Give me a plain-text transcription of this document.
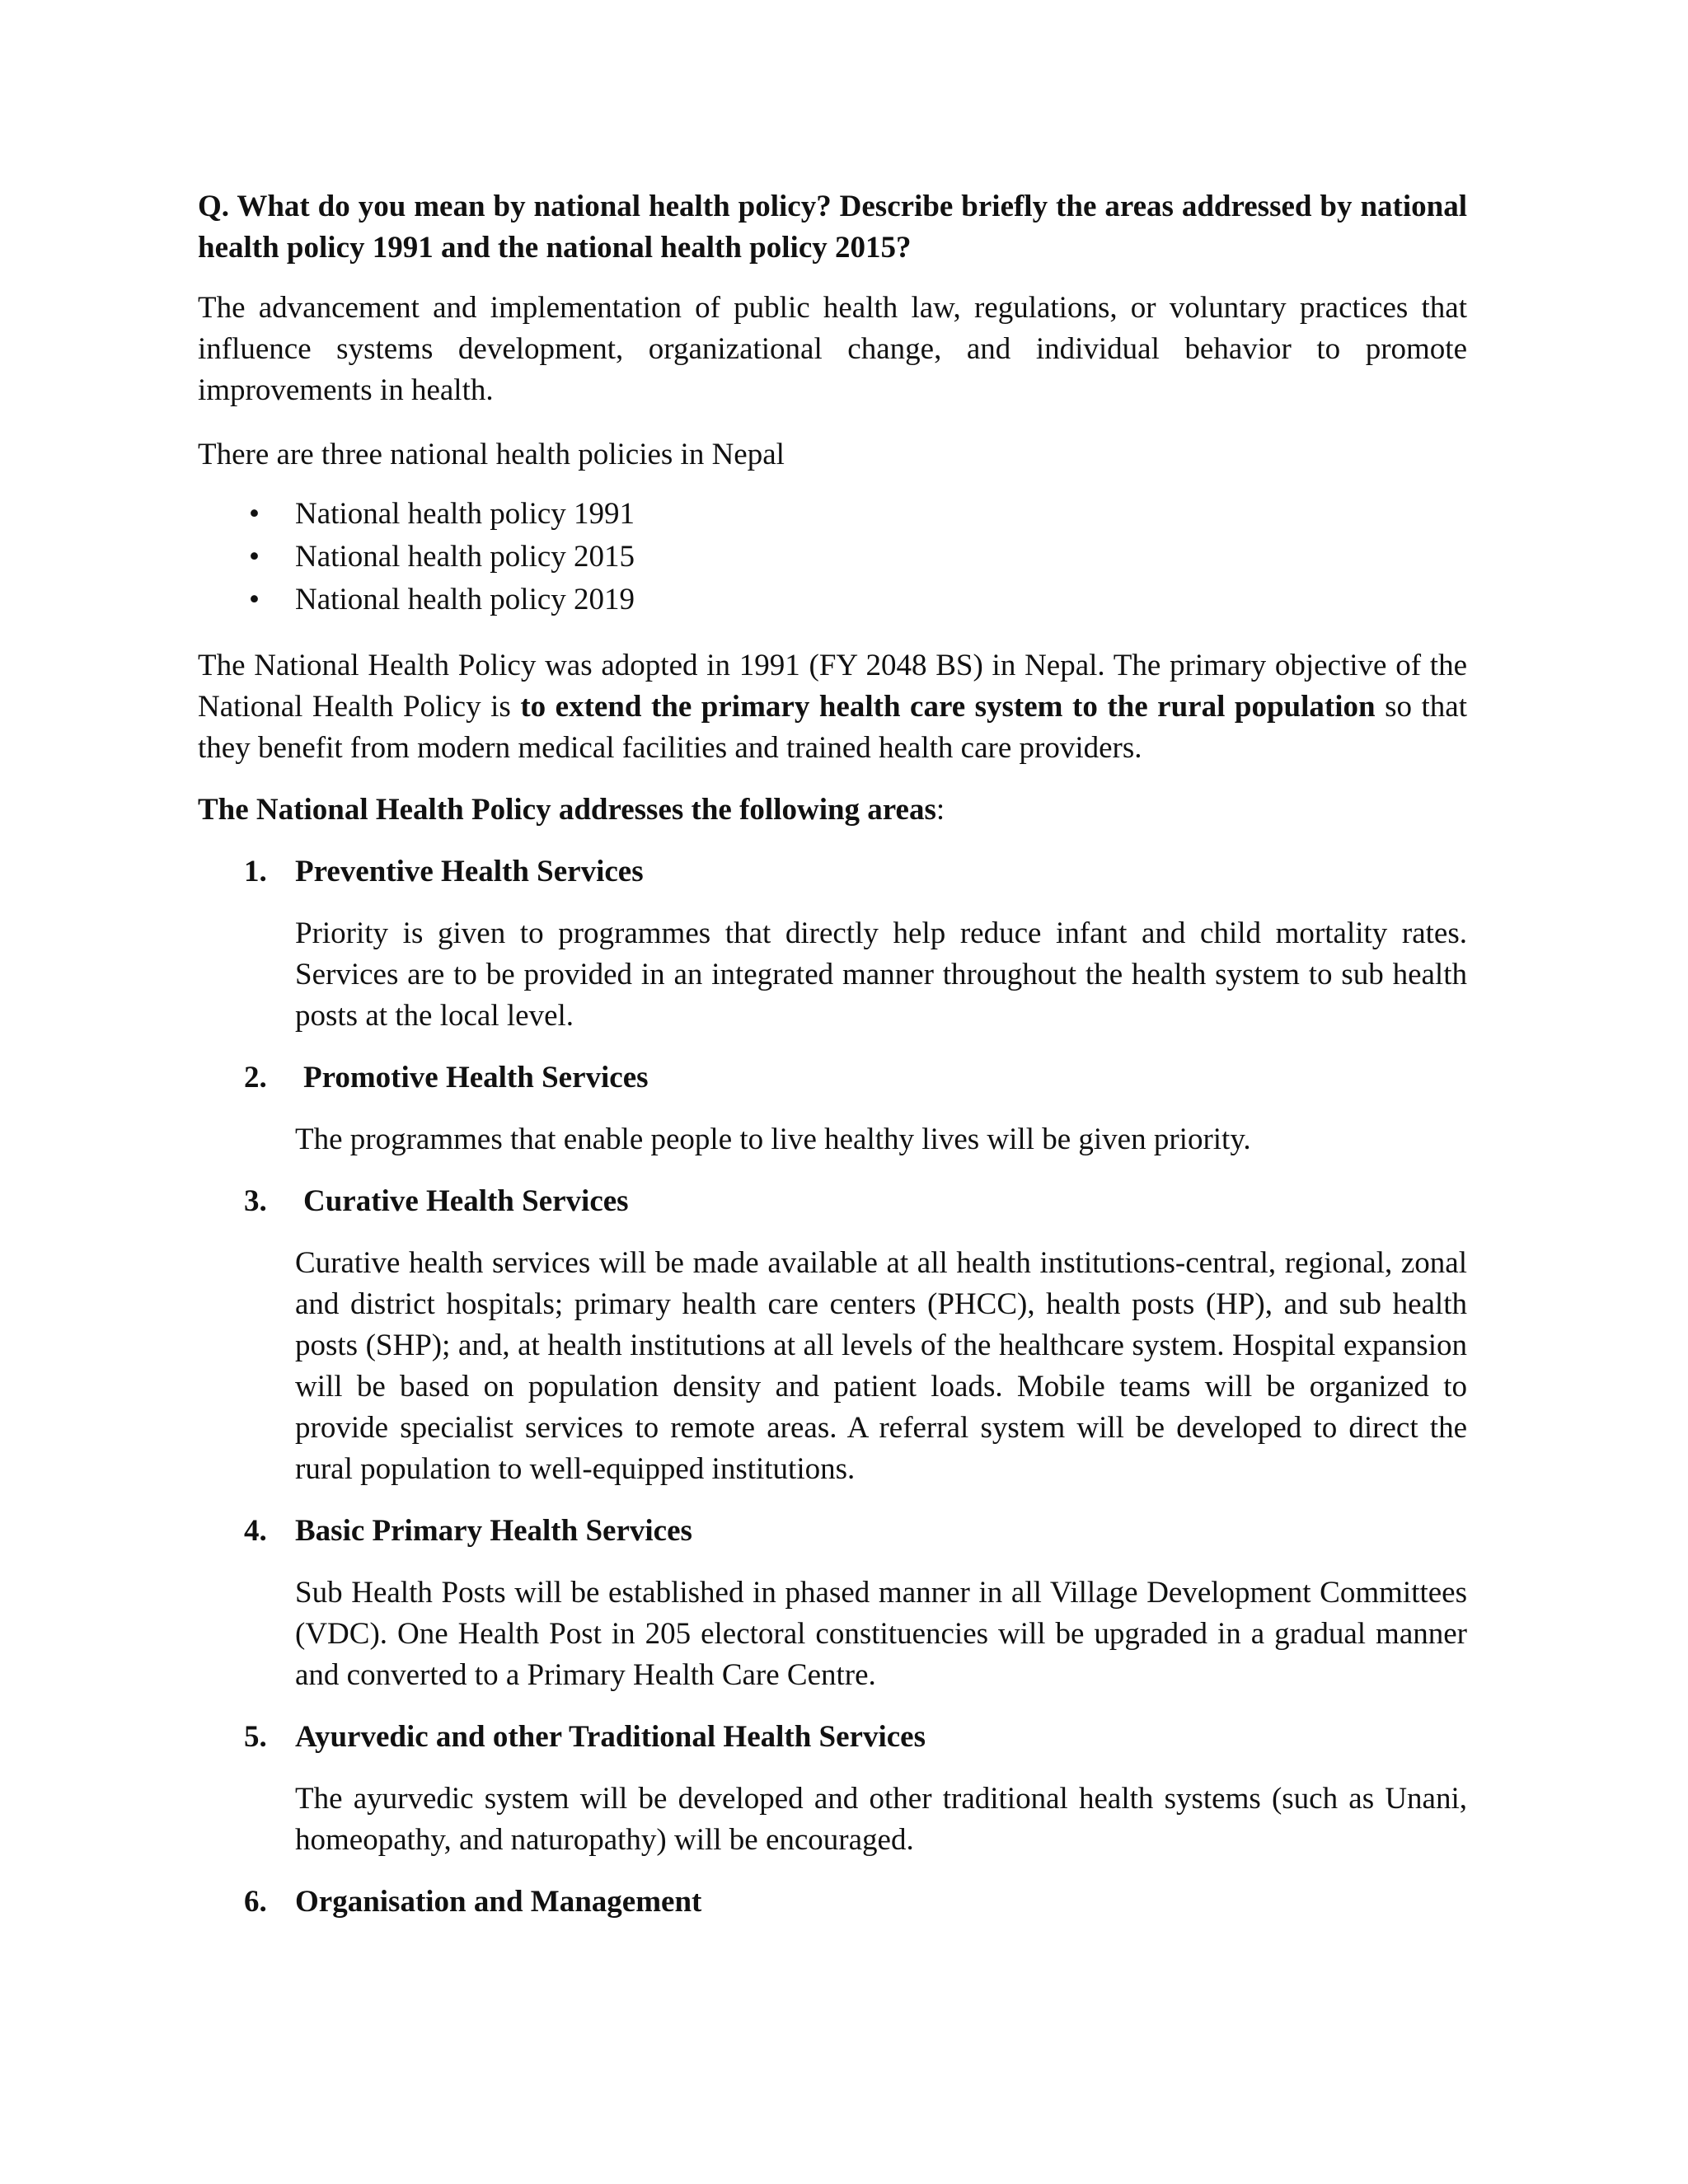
Q. What do you mean by national health policy? Describe briefly the areas addressed by national health policy 1991 and the national health policy 2015?

The advancement and implementation of public health law, regulations, or voluntary practices that influence systems development, organizational change, and individual behavior to promote improvements in health.

There are three national health policies in Nepal

• National health policy 1991
• National health policy 2015
• National health policy 2019

The National Health Policy was adopted in 1991 (FY 2048 BS) in Nepal. The primary objective of the National Health Policy is to extend the primary health care system to the rural population so that they benefit from modern medical facilities and trained health care providers.

The National Health Policy addresses the following areas:

1. Preventive Health Services

Priority is given to programmes that directly help reduce infant and child mortality rates. Services are to be provided in an integrated manner throughout the health system to sub health posts at the local level.

2. Promotive Health Services

The programmes that enable people to live healthy lives will be given priority.

3. Curative Health Services

Curative health services will be made available at all health institutions-central, regional, zonal and district hospitals; primary health care centers (PHCC), health posts (HP), and sub health posts (SHP); and, at health institutions at all levels of the healthcare system. Hospital expansion will be based on population density and patient loads. Mobile teams will be organized to provide specialist services to remote areas. A referral system will be developed to direct the rural population to well-equipped institutions.

4. Basic Primary Health Services

Sub Health Posts will be established in phased manner in all Village Development Committees (VDC). One Health Post in 205 electoral constituencies will be upgraded in a gradual manner and converted to a Primary Health Care Centre.

5. Ayurvedic and other Traditional Health Services

The ayurvedic system will be developed and other traditional health systems (such as Unani, homeopathy, and naturopathy) will be encouraged.

6. Organisation and Management
